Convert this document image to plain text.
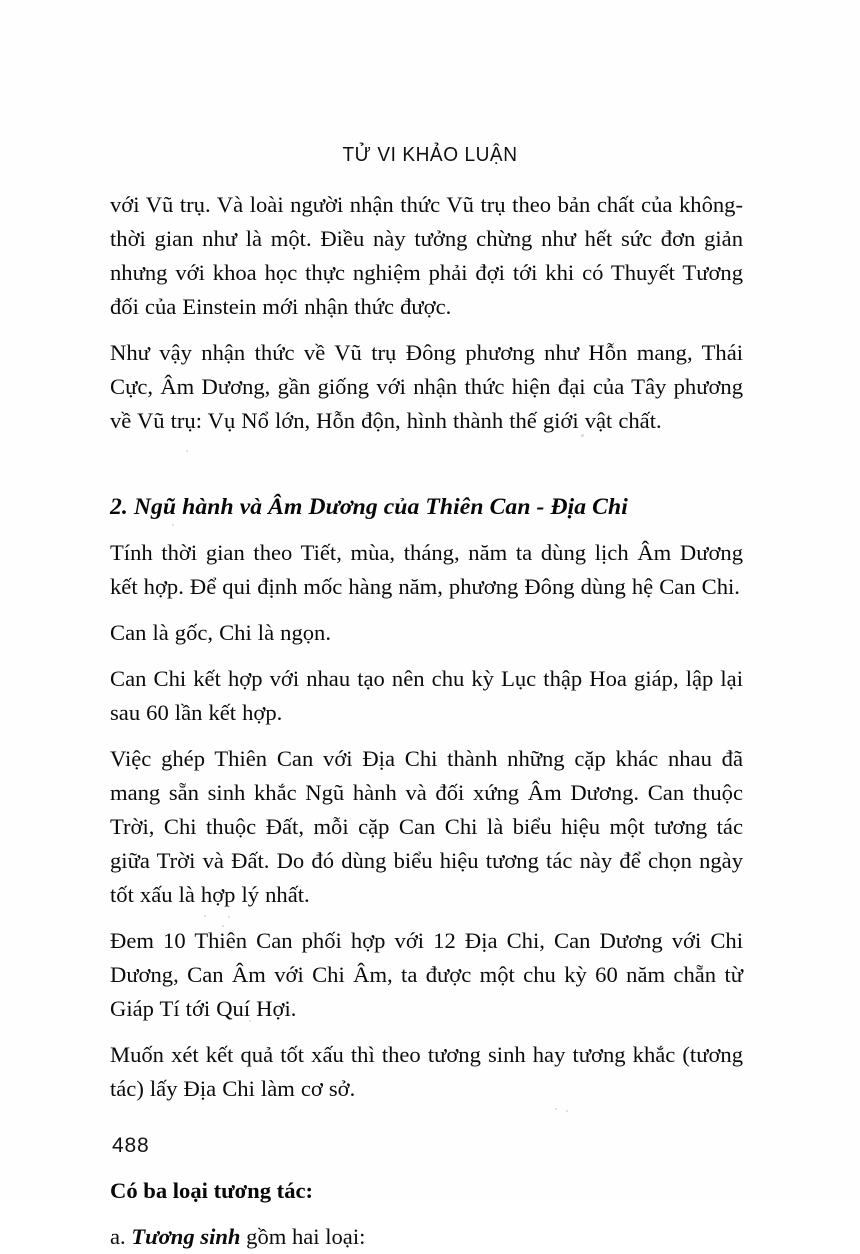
TỬ VI KHẢO LUẬN

với Vũ trụ. Và loài người nhận thức Vũ trụ theo bản chất của không- thời gian như là một. Điều này tưởng chừng như hết sức đơn giản nhưng với khoa học thực nghiệm phải đợi tới khi có Thuyết Tương đối của Einstein mới nhận thức được.

Như vậy nhận thức về Vũ trụ Đông phương như Hỗn mang, Thái Cực, Âm Dương, gần giống với nhận thức hiện đại của Tây phương về Vũ trụ: Vụ Nổ lớn, Hỗn độn, hình thành thế giới vật chất.

2. Ngũ hành và Âm Dương của Thiên Can - Địa Chi

Tính thời gian theo Tiết, mùa, tháng, năm ta dùng lịch Âm Dương kết hợp. Để qui định mốc hàng năm, phương Đông dùng hệ Can Chi.

Can là gốc, Chi là ngọn.

Can Chi kết hợp với nhau tạo nên chu kỳ Lục thập Hoa giáp, lập lại sau 60 lần kết hợp.

Việc ghép Thiên Can với Địa Chi thành những cặp khác nhau đã mang sẵn sinh khắc Ngũ hành và đối xứng Âm Dương. Can thuộc Trời, Chi thuộc Đất, mỗi cặp Can Chi là biểu hiệu một tương tác giữa Trời và Đất. Do đó dùng biểu hiệu tương tác này để chọn ngày tốt xấu là hợp lý nhất.

Đem 10 Thiên Can phối hợp với 12 Địa Chi, Can Dương với Chi Dương, Can Âm với Chi Âm, ta được một chu kỳ 60 năm chẵn từ Giáp Tí tới Quí Hợi.

Muốn xét kết quả tốt xấu thì theo tương sinh hay tương khắc (tương tác) lấy Địa Chi làm cơ sở.

Có ba loại tương tác:

a. Tương sinh gồm hai loại:

488
